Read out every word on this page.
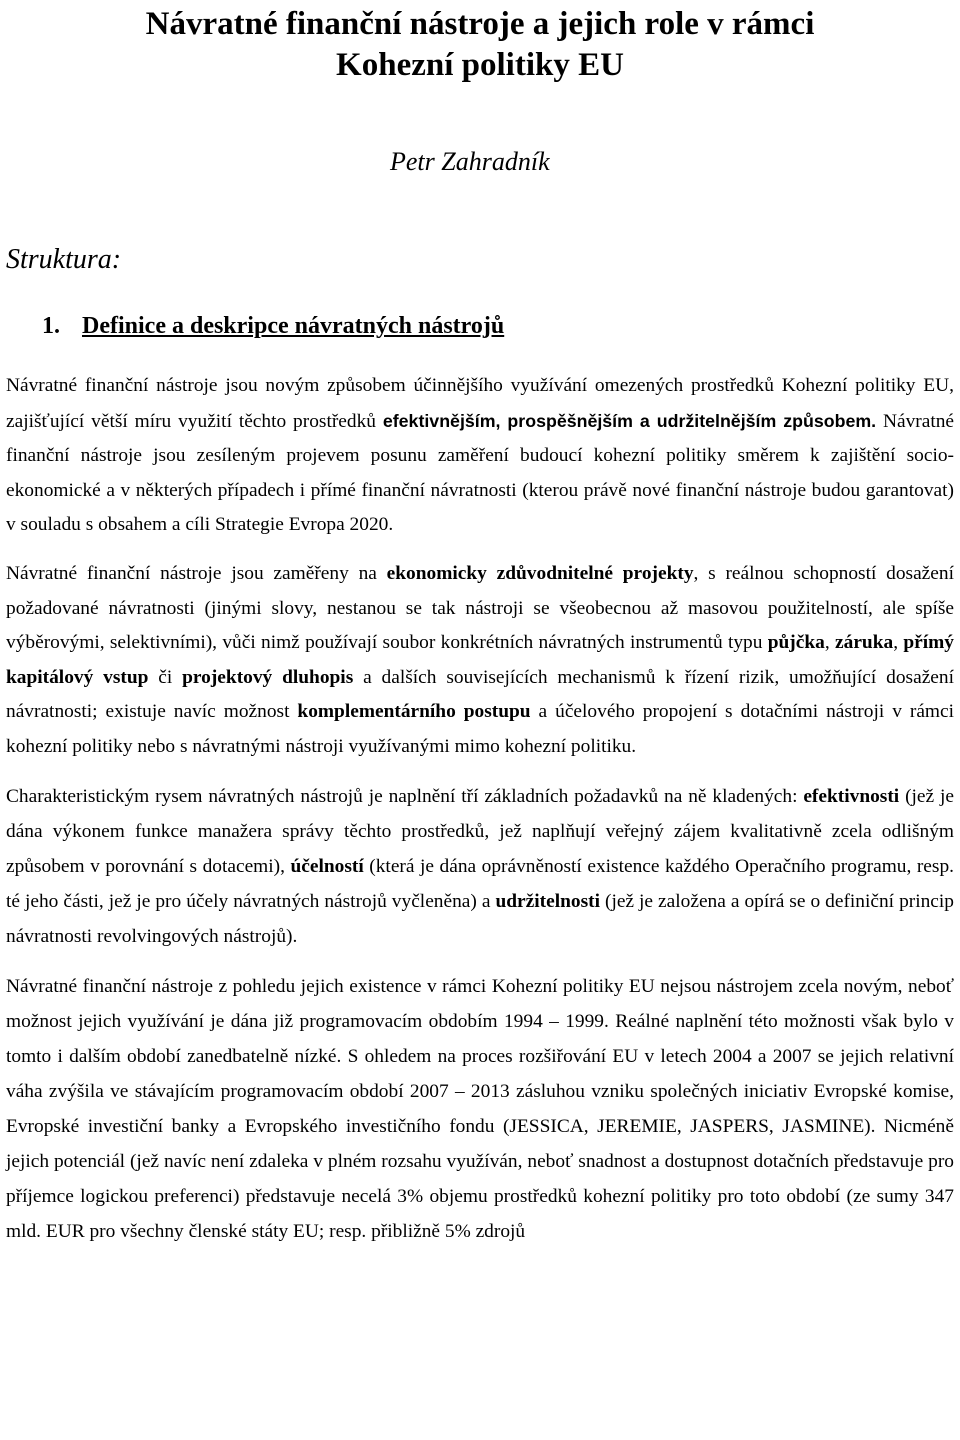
Návratné finanční nástroje a jejich role v rámci
Kohezní politiky EU
Petr Zahradník
Struktura:
1. Definice a deskripce návratných nástrojů

Návratné finanční nástroje jsou novým způsobem účinnějšího využívání omezených prostředků Kohezní politiky EU, zajišťující větší míru využití těchto prostředků efektivnějším, prospěšnějším a udržitelnějším způsobem. Návratné finanční nástroje jsou zesíleným projevem posunu zaměření budoucí kohezní politiky směrem k zajištění socio-ekonomické a v některých případech i přímé finanční návratnosti (kterou právě nové finanční nástroje budou garantovat) v souladu s obsahem a cíli Strategie Evropa 2020.

Návratné finanční nástroje jsou zaměřeny na ekonomicky zdůvodnitelné projekty, s reálnou schopností dosažení požadované návratnosti (jinými slovy, nestanou se tak nástroji se všeobecnou až masovou použitelností, ale spíše výběrovými, selektivními), vůči nimž používají soubor konkrétních návratných instrumentů typu půjčka, záruka, přímý kapitálový vstup či projektový dluhopis a dalších souvisejících mechanismů k řízení rizik, umožňující dosažení návratnosti; existuje navíc možnost komplementárního postupu a účelového propojení s dotačními nástroji v rámci kohezní politiky nebo s návratnými nástroji využívanými mimo kohezní politiku.

Charakteristickým rysem návratných nástrojů je naplnění tří základních požadavků na ně kladených: efektivnosti (jež je dána výkonem funkce manažera správy těchto prostředků, jež naplňují veřejný zájem kvalitativně zcela odlišným způsobem v porovnání s dotacemi), účelností (která je dána oprávněností existence každého Operačního programu, resp. té jeho části, jež je pro účely návratných nástrojů vyčleněna) a udržitelnosti (jež je založena a opírá se o definiční princip návratnosti revolvingových nástrojů).

Návratné finanční nástroje z pohledu jejich existence v rámci Kohezní politiky EU nejsou nástrojem zcela novým, neboť možnost jejich využívání je dána již programovacím obdobím 1994 – 1999. Reálné naplnění této možnosti však bylo v tomto i dalším období zanedbatelně nízké. S ohledem na proces rozšiřování EU v letech 2004 a 2007 se jejich relativní váha zvýšila ve stávajícím programovacím období 2007 – 2013 zásluhou vzniku společných iniciativ Evropské komise, Evropské investiční banky a Evropského investičního fondu (JESSICA, JEREMIE, JASPERS, JASMINE). Nicméně jejich potenciál (jež navíc není zdaleka v plném rozsahu využíván, neboť snadnost a dostupnost dotačních představuje pro příjemce logickou preferenci) představuje necelá 3% objemu prostředků kohezní politiky pro toto období (ze sumy 347 mld. EUR pro všechny členské státy EU; resp. přibližně 5% zdrojů
